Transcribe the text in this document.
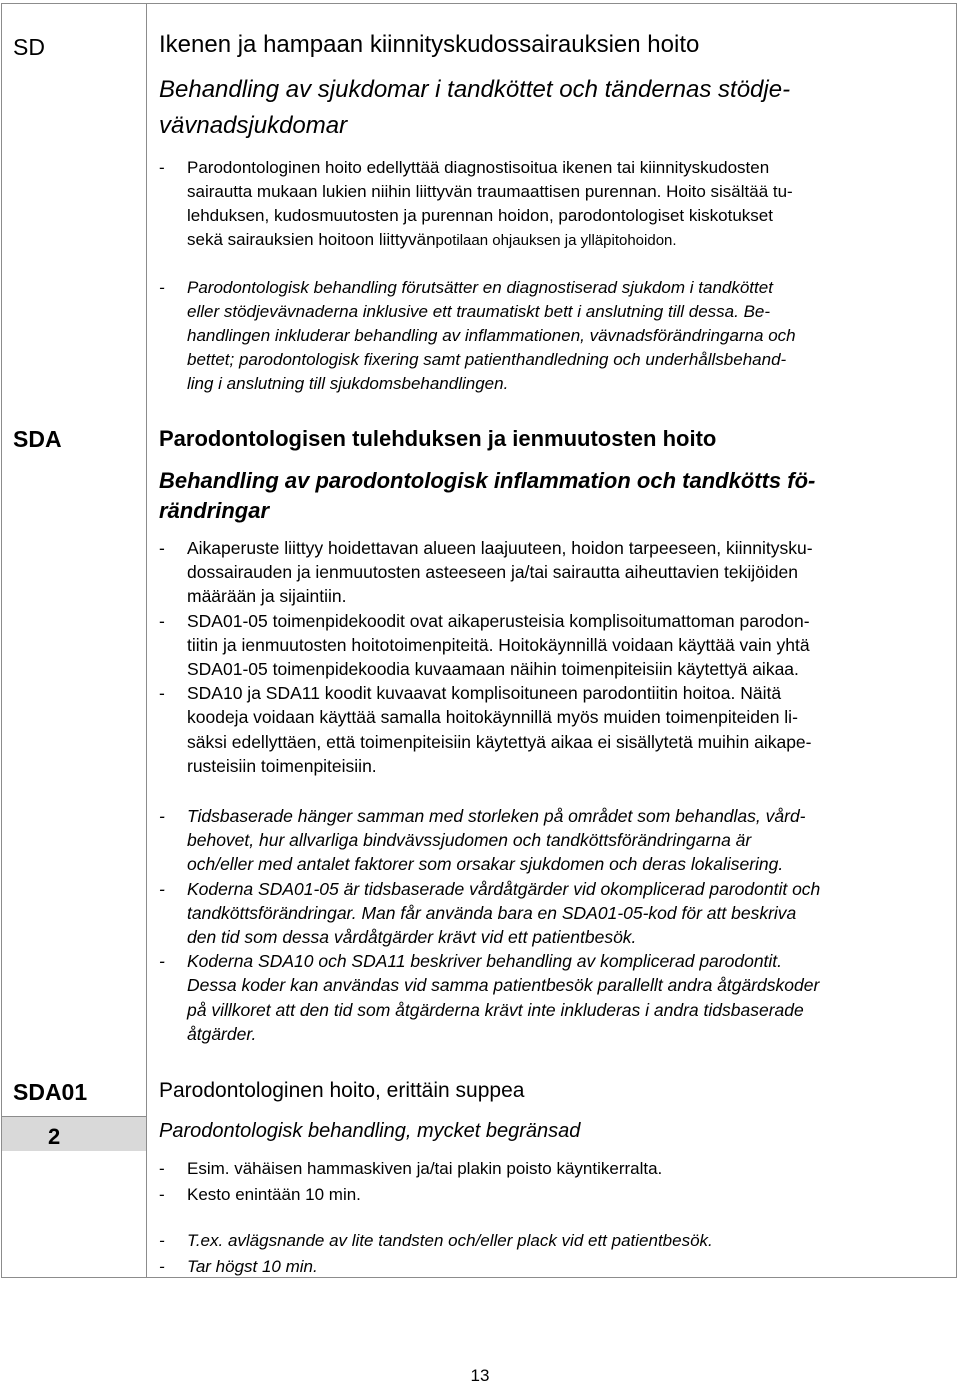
SD
SDA
SDA01
2
Ikenen ja hampaan kiinnityskudossairauksien hoito
Behandling av sjukdomar i tandköttet och tändernas stödje-
vävnadsjukdomar
- Parodontologinen hoito edellyttää diagnostisoitua ikenen tai kiinnityskudosten
sairautta mukaan lukien niihin liittyvän traumaattisen purennan. Hoito sisältää tu-
lehduksen, kudosmuutosten ja purennan hoidon, parodontologiset kiskotukset
sekä sairauksien hoitoon liittyvänpotilaan ohjauksen ja ylläpitohoidon.
- Parodontologisk behandling förutsätter en diagnostiserad sjukdom i tandköttet
eller stödjevävnaderna inklusive ett traumatiskt bett i anslutning till dessa. Be-
handlingen inkluderar behandling av inflammationen, vävnadsförändringarna och
bettet; parodontologisk fixering samt patienthandledning och underhållsbehand-
ling i anslutning till sjukdomsbehandlingen.
Parodontologisen tulehduksen ja ienmuutosten hoito
Behandling av parodontologisk inflammation och tandkötts fö-
rändringar
- Aikaperuste liittyy hoidettavan alueen laajuuteen, hoidon tarpeeseen, kiinnitysku-
dossairauden ja ienmuutosten asteeseen ja/tai sairautta aiheuttavien tekijöiden
määrään ja sijaintiin.
- SDA01-05 toimenpidekoodit ovat aikaperusteisia komplisoitumattoman parodon-
tiitin ja ienmuutosten hoitotoimenpiteitä. Hoitokäynnillä voidaan käyttää vain yhtä
SDA01-05 toimenpidekoodia kuvaamaan näihin toimenpiteisiin käytettyä aikaa.
- SDA10 ja SDA11 koodit kuvaavat komplisoituneen parodontiitin hoitoa. Näitä
koodeja voidaan käyttää samalla hoitokäynnillä myös muiden toimenpiteiden li-
säksi edellyttäen, että toimenpiteisiin käytettyä aikaa ei sisällytetä muihin aikape-
rusteisiin toimenpiteisiin.
- Tidsbaserade hänger samman med storleken på området som behandlas, vård-
behovet, hur allvarliga bindvävssjudomen och tandköttsförändringarna är
och/eller med antalet faktorer som orsakar sjukdomen och deras lokalisering.
- Koderna SDA01-05 är tidsbaserade vårdåtgärder vid okomplicerad parodontit och
tandköttsförändringar. Man får använda bara en SDA01-05-kod för att beskriva
den tid som dessa vårdåtgärder krävt vid ett patientbesök.
- Koderna SDA10 och SDA11 beskriver behandling av komplicerad parodontit.
Dessa koder kan användas vid samma patientbesök parallellt andra åtgärdskoder
på villkoret att den tid som åtgärderna krävt inte inkluderas i andra tidsbaserade
åtgärder.
Parodontologinen hoito, erittäin suppea
Parodontologisk behandling, mycket begränsad
- Esim. vähäisen hammaskiven ja/tai plakin poisto käyntikerralta.
- Kesto enintään 10 min.
- T.ex. avlägsnande av lite tandsten och/eller plack vid ett patientbesök.
- Tar högst 10 min.
13
